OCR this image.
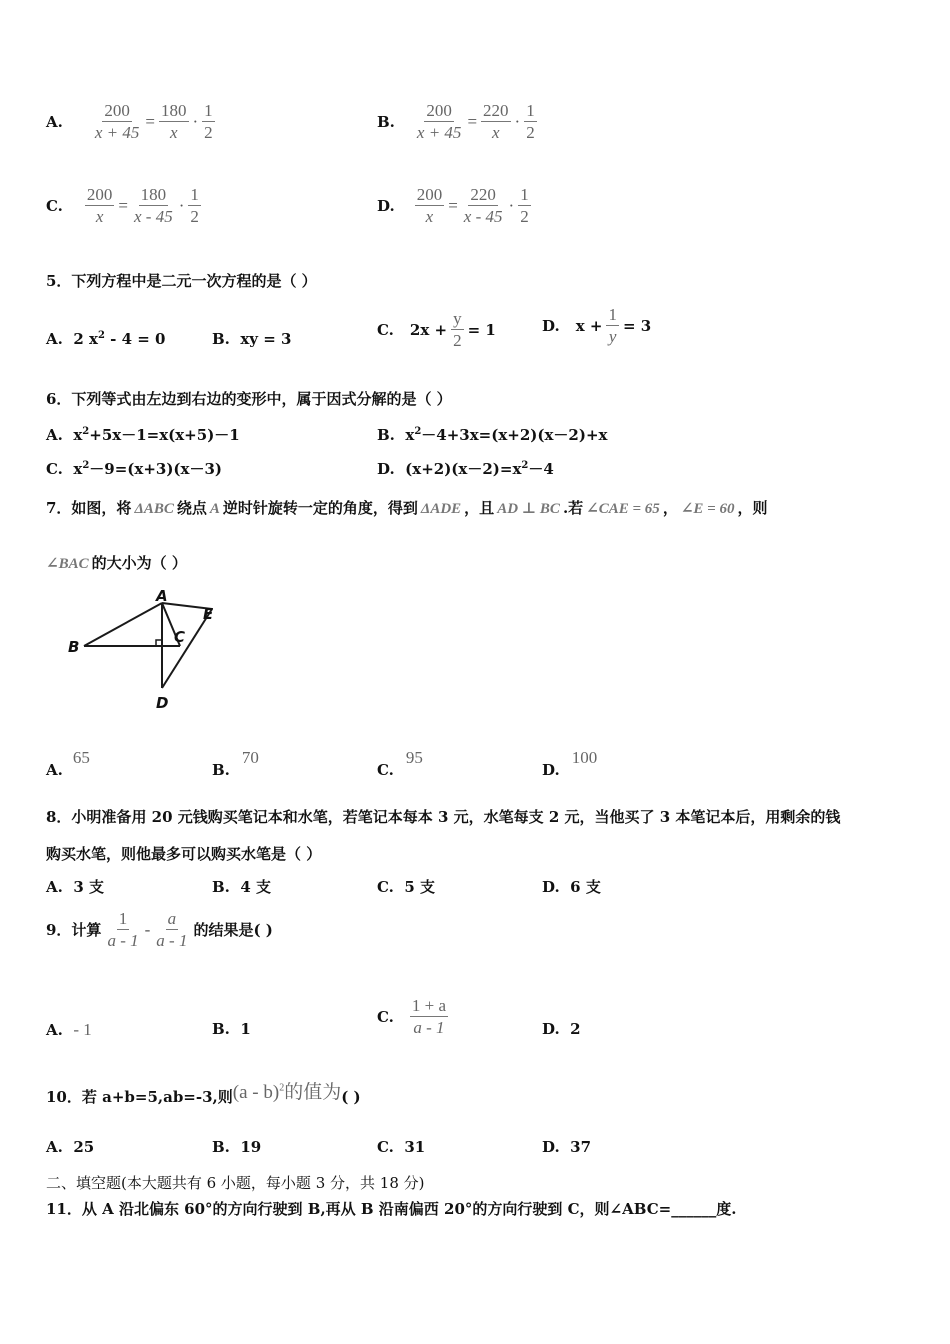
A. $\frac{200}{x + 45} = \frac{180}{x} \cdot \frac{1}{2}$	B. $\frac{200}{x + 45} = \frac{220}{x} \cdot \frac{1}{2}$
C. $\frac{200}{x} = \frac{180}{x - 45} \cdot \frac{1}{2}$	D. $\frac{200}{x} = \frac{220}{x - 45} \cdot \frac{1}{2}$
5．下列方程中是二元一次方程的是（ ）
A. 2 $x^2 - 4 = 0$	B. xy = 3
C. $2x + \frac{y}{2} = 1$	D. $x + \frac{1}{y} = 3$
6．下列等式由左边到右边的变形中，属于因式分解的是（ ）
A. $x^2+5x-1=x(x+5)-1$	B. $x^2-4+3x=(x+2)(x-2)+x$
C. $x^2-9=(x+3)(x-3)$	D. $(x+2)(x-2)=x^2-4$
7．如图，将 ΔABC 绕点 A 逆时针旋转一定的角度，得到 ΔADE ，且 AD ⊥ BC .若 ∠CAE = 65 ， ∠E = 60 ，则
∠BAC 的大小为（ ）
A
B
C
D
E
A.65
B.70
C.95
D.100
8．小明准备用 20 元钱购买笔记本和水笔，若笔记本每本 3 元，水笔每支 2 元，当他买了 3 本笔记本后，用剩余的钱
购买水笔，则他最多可以购买水笔是（ ）
A. 3 支	B. 4 支	C. 5 支	D. 6 支
9．计算 $\frac{1}{a - 1} - \frac{a}{a - 1}$ 的结果是( )
A. - 1	B. 1
C. $\frac{1 + a}{a - 1}$	D. 2
10．若 a+b=5,ab=-3,则 (a - b)$^2$的值为 ( )
A. 25	B. 19	C. 31	D. 37
二、填空题(本大题共有 6 小题，每小题 3 分，共 18 分)
11．从 A 沿北偏东 60°的方向行驶到 B,再从 B 沿南偏西 20°的方向行驶到 C，则∠ABC=______度.
